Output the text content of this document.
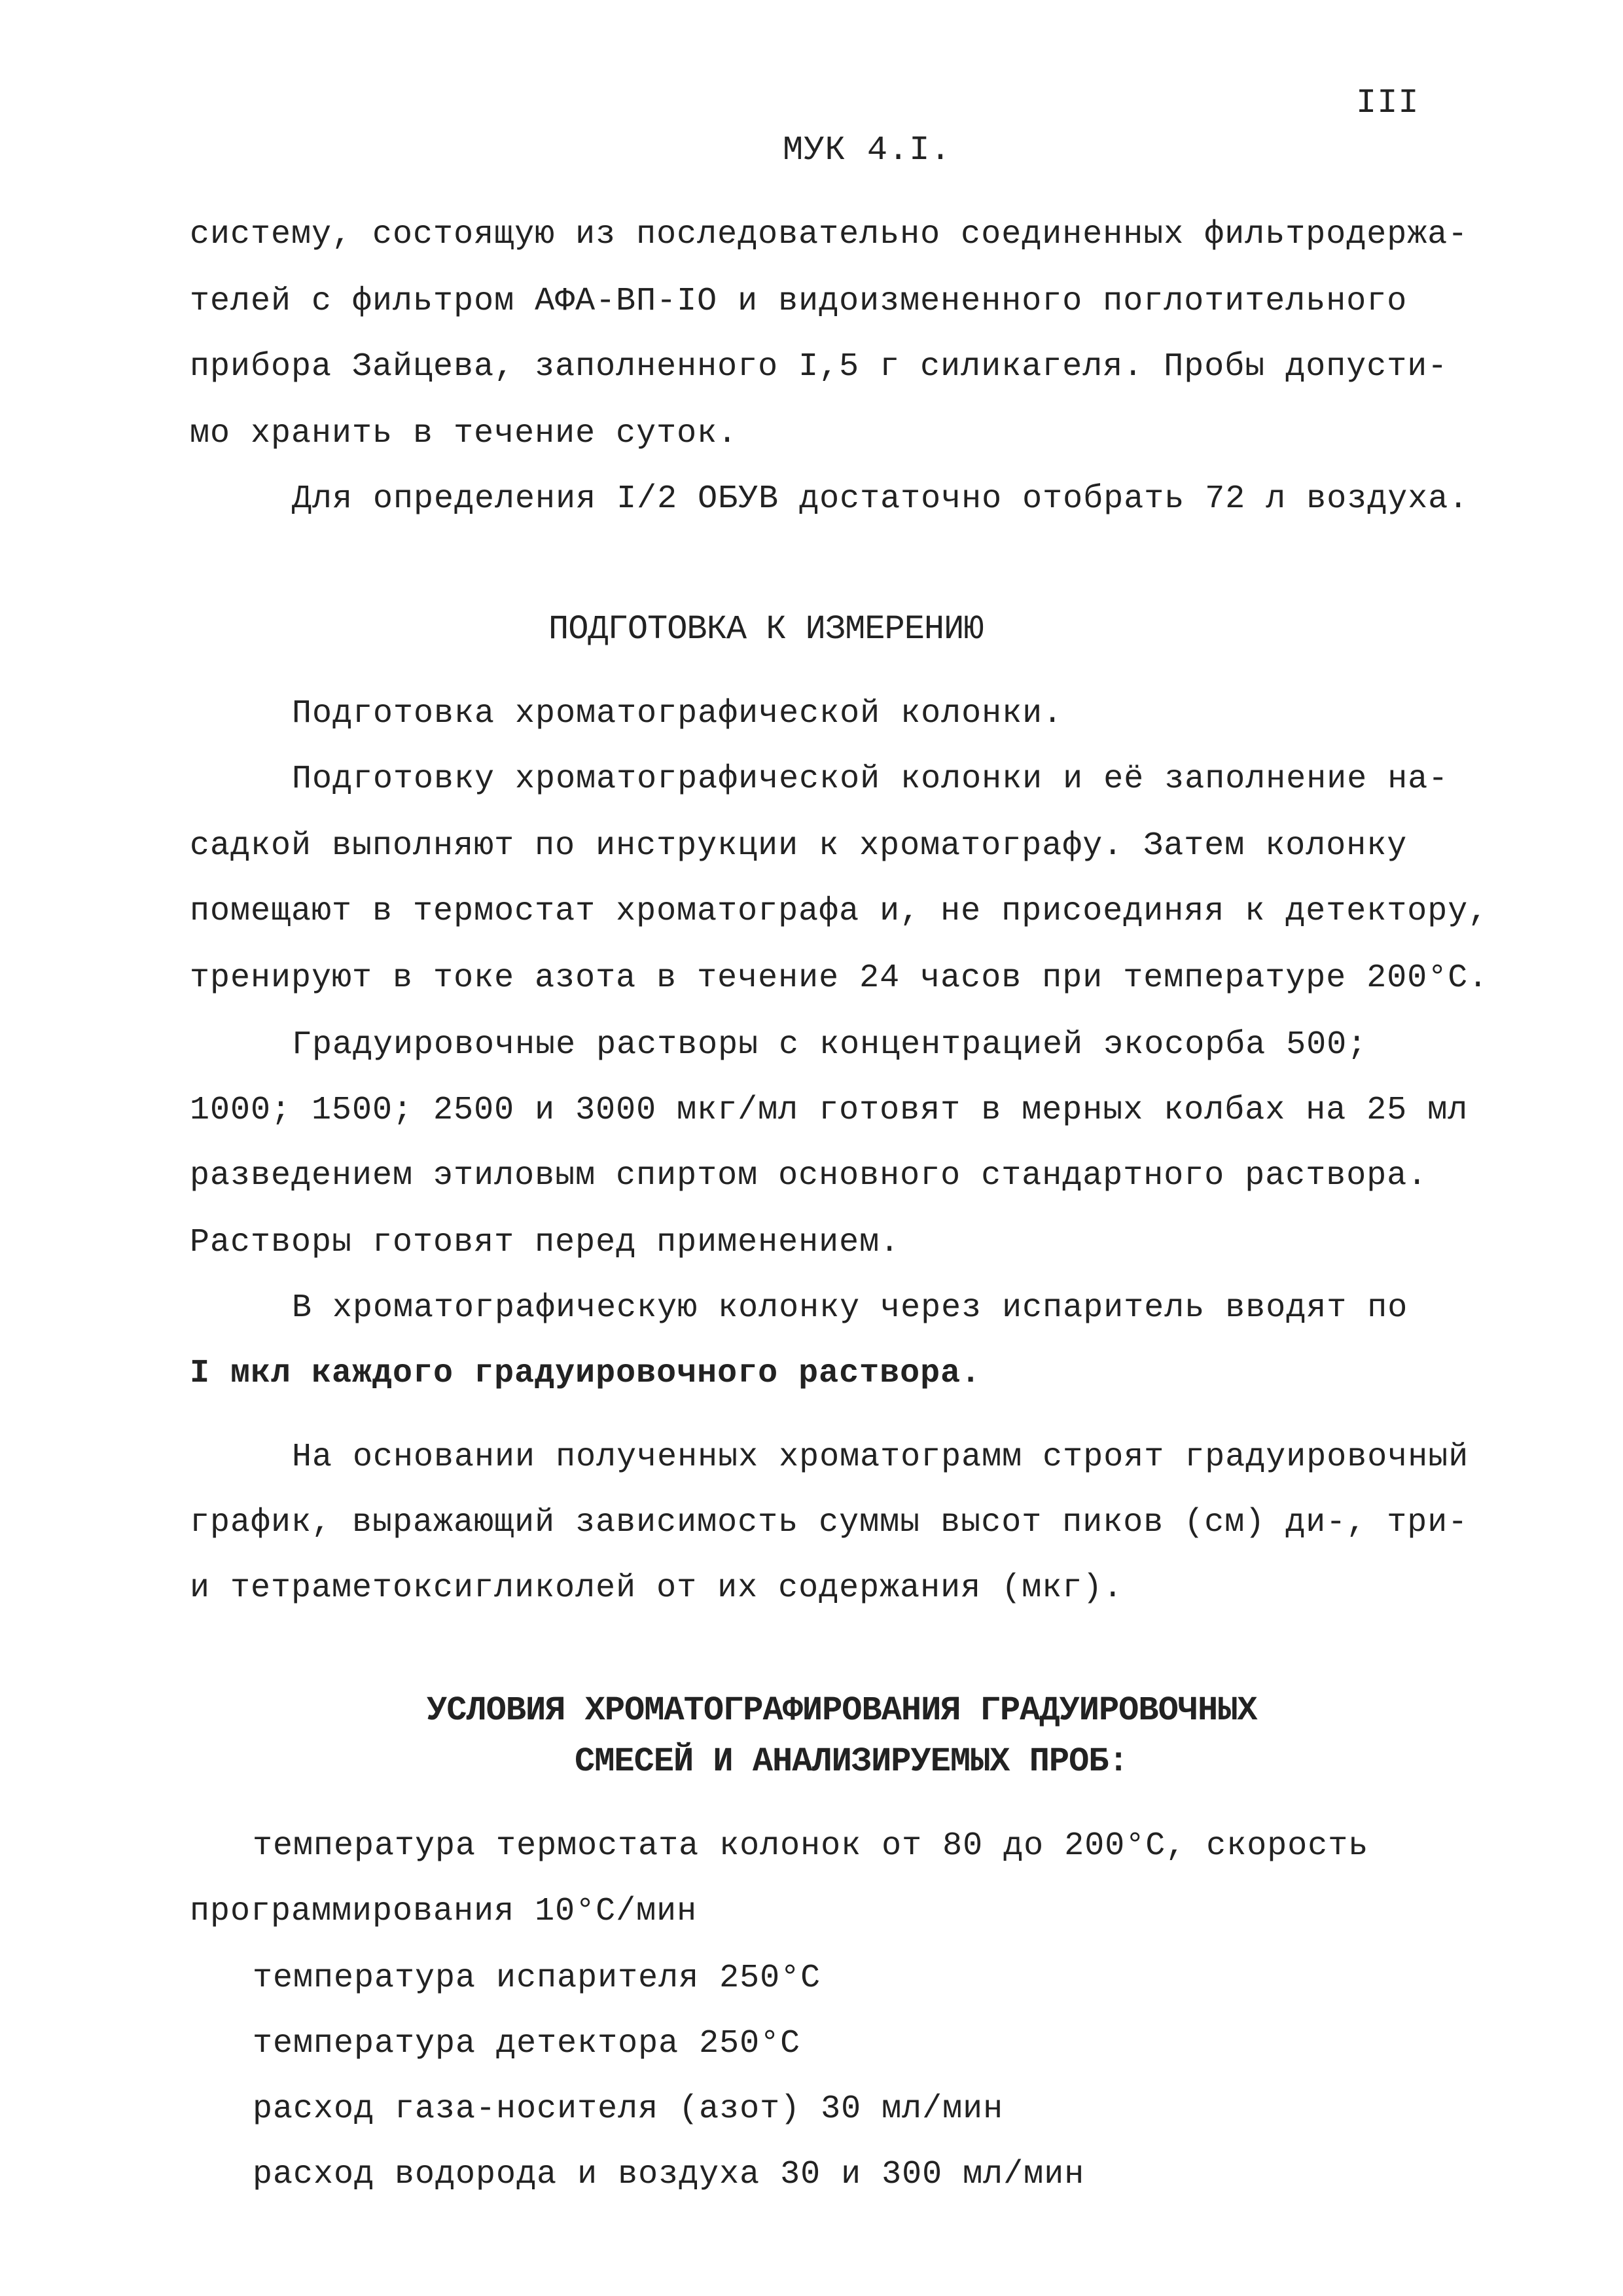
III
МУК 4.I.
систему, состоящую из последовательно соединенных фильтродержа-
телей с фильтром АФА-ВП-IO и видоизмененного поглотительного
прибора Зайцева, заполненного I,5 г силикагеля. Пробы допусти-
мо хранить в течение суток.
Для определения I/2 ОБУВ достаточно отобрать 72 л воздуха.
ПОДГОТОВКА К ИЗМЕРЕНИЮ
Подготовка хроматографической колонки.
Подготовку хроматографической колонки и её заполнение на-
садкой выполняют по инструкции к хроматографу. Затем колонку
помещают в термостат хроматографа и, не присоединяя к детектору,
тренируют в токе азота в течение 24 часов при температуре 200°С.
Градуировочные растворы с концентрацией экосорба 500;
1000; 1500; 2500 и 3000 мкг/мл готовят в мерных колбах на 25 мл
разведением этиловым спиртом основного стандартного раствора.
Растворы готовят перед применением.
В хроматографическую колонку через испаритель вводят по
I мкл каждого градуировочного раствора.
На основании полученных хроматограмм строят градуировочный
график, выражающий зависимость суммы высот пиков (см) ди-, три-
и тетраметоксигликолей от их содержания (мкг).
УСЛОВИЯ ХРОМАТОГРАФИРОВАНИЯ ГРАДУИРОВОЧНЫХ
СМЕСЕЙ И АНАЛИЗИРУЕМЫХ ПРОБ:
температура термостата колонок от 80 до 200°С, скорость
программирования 10°С/мин
температура испарителя 250°С
температура детектора 250°С
расход газа-носителя (азот) 30 мл/мин
расход водорода и воздуха 30 и 300 мл/мин
